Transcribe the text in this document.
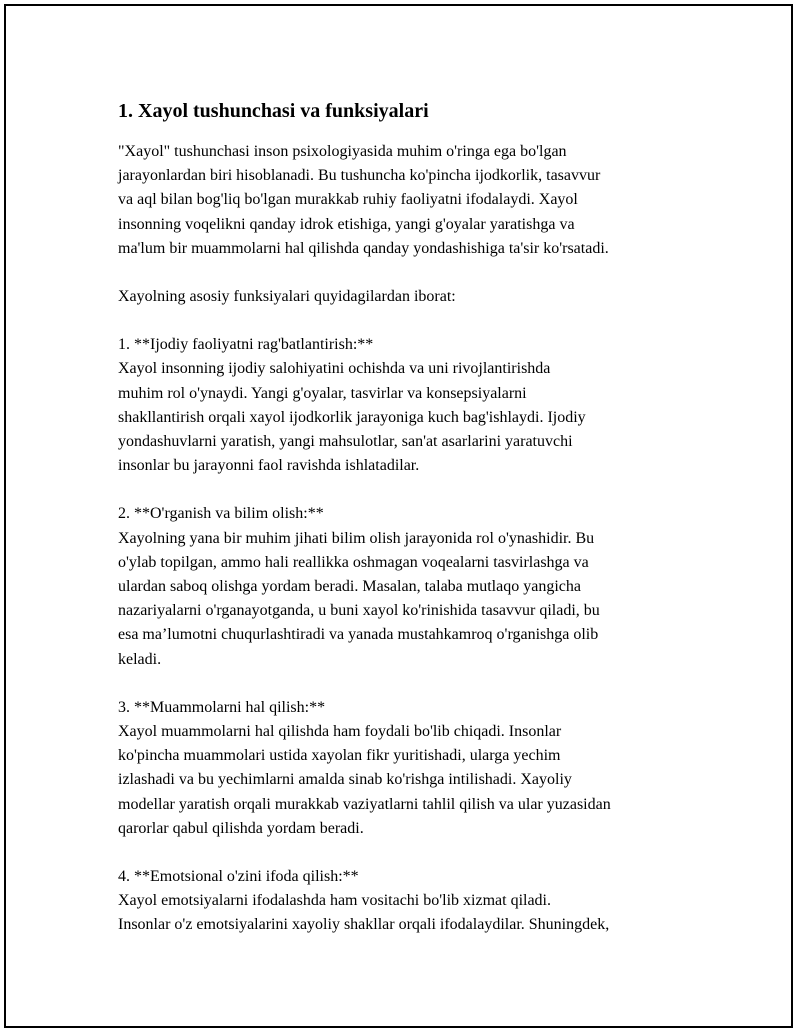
1. Xayol tushunchasi va funksiyalari

"Xayol" tushunchasi inson psixologiyasida muhim o'ringa ega bo'lgan
jarayonlardan biri hisoblanadi. Bu tushuncha ko'pincha ijodkorlik, tasavvur
va aql bilan bog'liq bo'lgan murakkab ruhiy faoliyatni ifodalaydi. Xayol
insonning voqelikni qanday idrok etishiga, yangi g'oyalar yaratishga va
ma'lum bir muammolarni hal qilishda qanday yondashishiga ta'sir ko'rsatadi.

Xayolning asosiy funksiyalari quyidagilardan iborat:

1. **Ijodiy faoliyatni rag'batlantirish:**
Xayol insonning ijodiy salohiyatini ochishda va uni rivojlantirishda
muhim rol o'ynaydi. Yangi g'oyalar, tasvirlar va konsepsiyalarni
shakllantirish orqali xayol ijodkorlik jarayoniga kuch bag'ishlaydi. Ijodiy
yondashuvlarni yaratish, yangi mahsulotlar, san'at asarlarini yaratuvchi
insonlar bu jarayonni faol ravishda ishlatadilar.
2. **O'rganish va bilim olish:**
Xayolning yana bir muhim jihati bilim olish jarayonida rol o'ynashidir. Bu
o'ylab topilgan, ammo hali reallikka oshmagan voqealarni tasvirlashga va
ulardan saboq olishga yordam beradi. Masalan, talaba mutlaqo yangicha
nazariyalarni o'rganayotganda, u buni xayol ko'rinishida tasavvur qiladi, bu
esa ma’lumotni chuqurlashtiradi va yanada mustahkamroq o'rganishga olib
keladi.
3. **Muammolarni hal qilish:**
Xayol muammolarni hal qilishda ham foydali bo'lib chiqadi. Insonlar
ko'pincha muammolari ustida xayolan fikr yuritishadi, ularga yechim
izlashadi va bu yechimlarni amalda sinab ko'rishga intilishadi. Xayoliy
modellar yaratish orqali murakkab vaziyatlarni tahlil qilish va ular yuzasidan
qarorlar qabul qilishda yordam beradi.
4. **Emotsional o'zini ifoda qilish:**
Xayol emotsiyalarni ifodalashda ham vositachi bo'lib xizmat qiladi.
Insonlar o'z emotsiyalarini xayoliy shakllar orqali ifodalaydilar. Shuningdek,
